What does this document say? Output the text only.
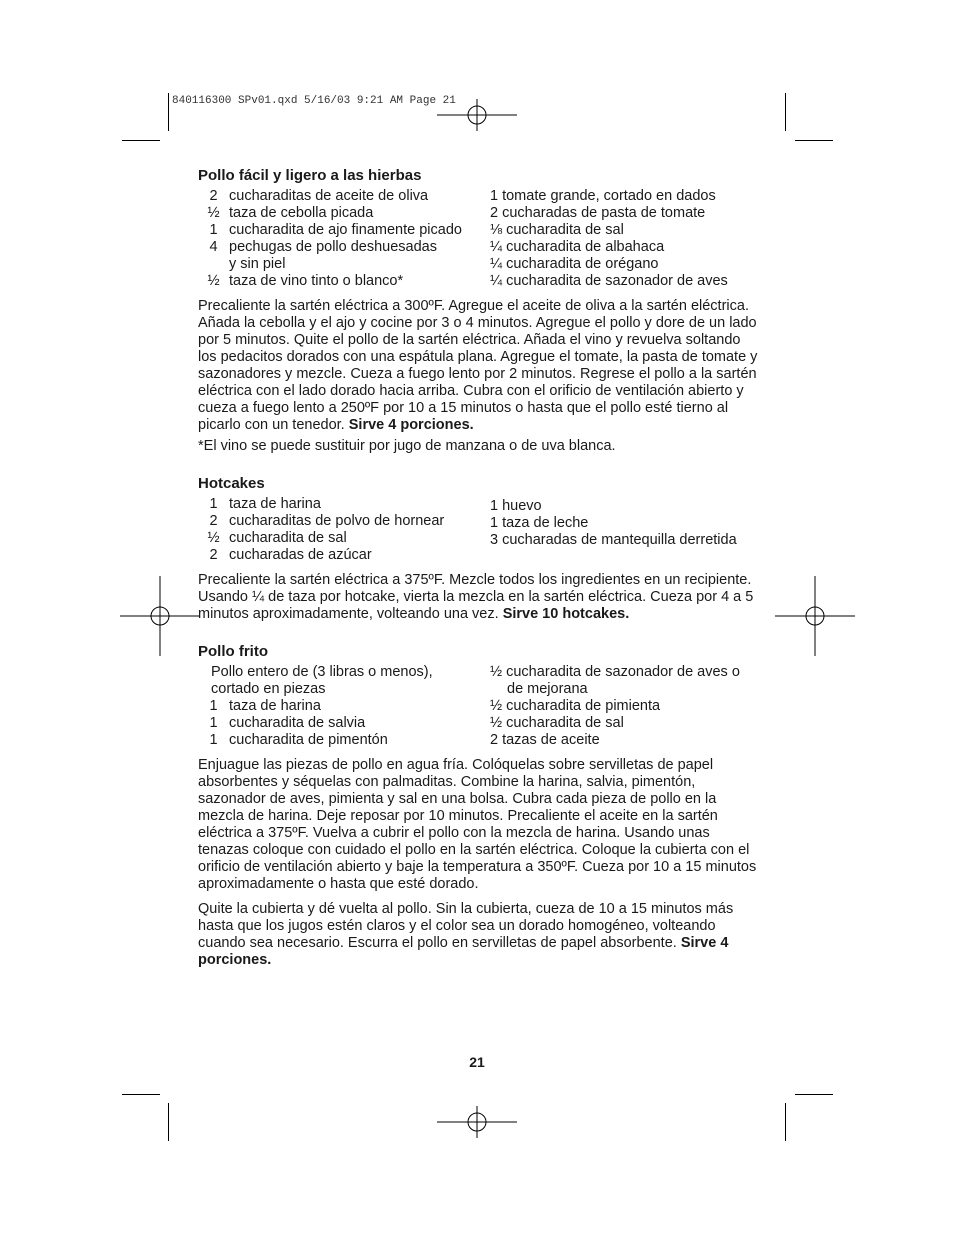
840116300 SPv01.qxd 5/16/03 9:21 AM Page 21
Pollo fácil y ligero a las hierbas
2 cucharaditas de aceite de oliva
½ taza de cebolla picada
1 cucharadita de ajo finamente picado
4 pechugas de pollo deshuesadas
y sin piel
½ taza de vino tinto o blanco*
1 tomate grande, cortado en dados
2 cucharadas de pasta de tomate
⅛ cucharadita de sal
¼ cucharadita de albahaca
¼ cucharadita de orégano
¼ cucharadita de sazonador de aves

Precaliente la sartén eléctrica a 300ºF. Agregue el aceite de oliva a la sartén eléctrica. Añada la cebolla y el ajo y cocine por 3 o 4 minutos. Agregue el pollo y dore de un lado por 5 minutos. Quite el pollo de la sartén eléctrica. Añada el vino y revuelva soltando los pedacitos dorados con una espátula plana. Agregue el tomate, la pasta de tomate y sazonadores y mezcle. Cueza a fuego lento por 2 minutos. Regrese el pollo a la sartén eléctrica con el lado dorado hacia arriba. Cubra con el orificio de ventilación abierto y cueza a fuego lento a 250ºF por 10 a 15 minutos o hasta que el pollo esté tierno al picarlo con un tenedor. Sirve 4 porciones.

*El vino se puede sustituir por jugo de manzana o de uva blanca.

Hotcakes
1 taza de harina
2 cucharaditas de polvo de hornear
½ cucharadita de sal
2 cucharadas de azúcar
1 huevo
1 taza de leche
3 cucharadas de mantequilla derretida

Precaliente la sartén eléctrica a 375ºF. Mezcle todos los ingredientes en un recipiente. Usando ¼ de taza por hotcake, vierta la mezcla en la sartén eléctrica. Cueza por 4 a 5 minutos aproximadamente, volteando una vez. Sirve 10 hotcakes.

Pollo frito
Pollo entero de (3 libras o menos),
cortado en piezas
1 taza de harina
1 cucharadita de salvia
1 cucharadita de pimentón
½ cucharadita de sazonador de aves o
de mejorana
½ cucharadita de pimienta
½ cucharadita de sal
2 tazas de aceite

Enjuague las piezas de pollo en agua fría. Colóquelas sobre servilletas de papel absorbentes y séquelas con palmaditas. Combine la harina, salvia, pimentón, sazonador de aves, pimienta y sal en una bolsa. Cubra cada pieza de pollo en la mezcla de harina. Deje reposar por 10 minutos. Precaliente el aceite en la sartén eléctrica a 375ºF. Vuelva a cubrir el pollo con la mezcla de harina. Usando unas tenazas coloque con cuidado el pollo en la sartén eléctrica. Coloque la cubierta con el orificio de ventilación abierto y baje la temperatura a 350ºF. Cueza por 10 a 15 minutos aproximadamente o hasta que esté dorado.

Quite la cubierta y dé vuelta al pollo. Sin la cubierta, cueza de 10 a 15 minutos más hasta que los jugos estén claros y el color sea un dorado homogéneo, volteando cuando sea necesario. Escurra el pollo en servilletas de papel absorbente. Sirve 4 porciones.

21
